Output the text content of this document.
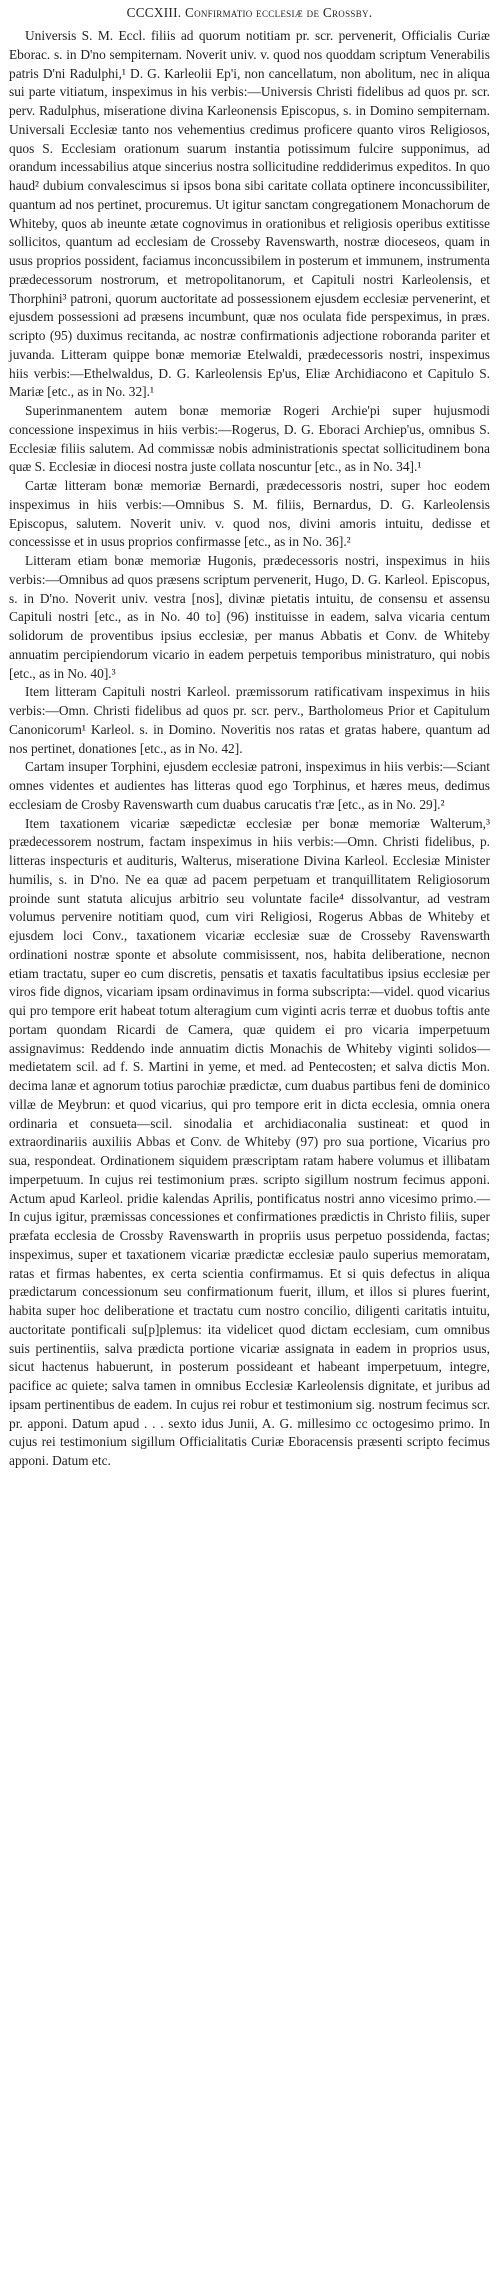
CCCXIII. Confirmatio ecclesiæ de Crossby.

Universis S. M. Eccl. filiis ad quorum notitiam pr. scr. pervenerit, Officialis Curiæ Eborac. s. in D'no sempiternam. Noverit univ. v. quod nos quoddam scriptum Venerabilis patris D'ni Radulphi,¹ D. G. Karleolii Ep'i, non cancellatum, non abolitum, nec in aliqua sui parte vitiatum, inspeximus in his verbis:—Universis Christi fidelibus ad quos pr. scr. perv. Radulphus, miseratione divina Karleonensis Episcopus, s. in Domino sempiternam. Universali Ecclesiæ tanto nos vehementius credimus proficere quanto viros Religiosos, quos S. Ecclesiam orationum suarum instantia potissimum fulcire supponimus, ad orandum incessabilius atque sincerius nostra sollicitudine reddiderimus expeditos. In quo haud² dubium convalescimus si ipsos bona sibi caritate collata optinere inconcussibiliter, quantum ad nos pertinet, procuremus. Ut igitur sanctam congregationem Monachorum de Whiteby, quos ab ineunte ætate cognovimus in orationibus et religiosis operibus extitisse sollicitos, quantum ad ecclesiam de Crosseby Ravenswarth, nostræ dioceseos, quam in usus proprios possident, faciamus inconcussibilem in posterum et immunem, instrumenta prædecessorum nostrorum, et metropolitanorum, et Capituli nostri Karleolensis, et Thorphini³ patroni, quorum auctoritate ad possessionem ejusdem ecclesiæ pervenerint, et ejusdem possessioni ad præsens incumbunt, quæ nos oculata fide perspeximus, in præs. scripto (95) duximus recitanda, ac nostræ confirmationis adjectione roboranda pariter et juvanda. Litteram quippe bonæ memoriæ Etelwaldi, prædecessoris nostri, inspeximus hiis verbis:—Ethelwaldus, D. G. Karleolensis Ep'us, Eliæ Archidiacono et Capitulo S. Mariæ [etc., as in No. 32].¹

Superinmanentem autem bonæ memoriæ Rogeri Archie'pi super hujusmodi concessione inspeximus in hiis verbis:—Rogerus, D. G. Eboraci Archiep'us, omnibus S. Ecclesiæ filiis salutem. Ad commissæ nobis administrationis spectat sollicitudinem bona quæ S. Ecclesiæ in diocesi nostra juste collata noscuntur [etc., as in No. 34].¹

Cartæ litteram bonæ memoriæ Bernardi, prædecessoris nostri, super hoc eodem inspeximus in hiis verbis:—Omnibus S. M. filiis, Bernardus, D. G. Karleolensis Episcopus, salutem. Noverit univ. v. quod nos, divini amoris intuitu, dedisse et concessisse et in usus proprios confirmasse [etc., as in No. 36].²

Litteram etiam bonæ memoriæ Hugonis, prædecessoris nostri, inspeximus in hiis verbis:—Omnibus ad quos præsens scriptum pervenerit, Hugo, D. G. Karleol. Episcopus, s. in D'no. Noverit univ. vestra [nos], divinæ pietatis intuitu, de consensu et assensu Capituli nostri [etc., as in No. 40 to] (96) instituisse in eadem, salva vicaria centum solidorum de proventibus ipsius ecclesiæ, per manus Abbatis et Conv. de Whiteby annuatim percipiendorum vicario in eadem perpetuis temporibus ministraturo, qui nobis [etc., as in No. 40].³

Item litteram Capituli nostri Karleol. præmissorum ratificativam inspeximus in hiis verbis:—Omn. Christi fidelibus ad quos pr. scr. perv., Bartholomeus Prior et Capitulum Canonicorum¹ Karleol. s. in Domino. Noveritis nos ratas et gratas habere, quantum ad nos pertinet, donationes [etc., as in No. 42].

Cartam insuper Torphini, ejusdem ecclesiæ patroni, inspeximus in hiis verbis:—Sciant omnes videntes et audientes has litteras quod ego Torphinus, et hæres meus, dedimus ecclesiam de Crosby Ravenswarth cum duabus carucatis t'ræ [etc., as in No. 29].²

Item taxationem vicariæ sæpedictæ ecclesiæ per bonæ memoriæ Walterum,³ prædecessorem nostrum, factam inspeximus in hiis verbis:—Omn. Christi fidelibus, p. litteras inspecturis et audituris, Walterus, miseratione Divina Karleol. Ecclesiæ Minister humilis, s. in D'no. Ne ea quæ ad pacem perpetuam et tranquillitatem Religiosorum proinde sunt statuta alicujus arbitrio seu voluntate facile⁴ dissolvantur, ad vestram volumus pervenire notitiam quod, cum viri Religiosi, Rogerus Abbas de Whiteby et ejusdem loci Conv., taxationem vicariæ ecclesiæ suæ de Crosseby Ravenswarth ordinationi nostræ sponte et absolute commisissent, nos, habita deliberatione, necnon etiam tractatu, super eo cum discretis, pensatis et taxatis facultatibus ipsius ecclesiæ per viros fide dignos, vicariam ipsam ordinavimus in forma subscripta:—videl. quod vicarius qui pro tempore erit habeat totum alteragium cum viginti acris terræ et duobus toftis ante portam quondam Ricardi de Camera, quæ quidem ei pro vicaria imperpetuum assignavimus: Reddendo inde annuatim dictis Monachis de Whiteby viginti solidos—medietatem scil. ad f. S. Martini in yeme, et med. ad Pentecosten; et salva dictis Mon. decima lanæ et agnorum totius parochiæ prædictæ, cum duabus partibus feni de dominico villæ de Meybrun: et quod vicarius, qui pro tempore erit in dicta ecclesia, omnia onera ordinaria et consueta—scil. sinodalia et archidiaconalia sustineat: et quod in extraordinariis auxiliis Abbas et Conv. de Whiteby (97) pro sua portione, Vicarius pro sua, respondeat. Ordinationem siquidem præscriptam ratam habere volumus et illibatam imperpetuum. In cujus rei testimonium præs. scripto sigillum nostrum fecimus apponi. Actum apud Karleol. pridie kalendas Aprilis, pontificatus nostri anno vicesimo primo.—In cujus igitur, præmissas concessiones et confirmationes prædictis in Christo filiis, super præfata ecclesia de Crossby Ravenswarth in propriis usus perpetuo possidenda, factas; inspeximus, super et taxationem vicariæ prædictæ ecclesiæ paulo superius memoratam, ratas et firmas habentes, ex certa scientia confirmamus. Et si quis defectus in aliqua prædictarum concessionum seu confirmationum fuerit, illum, et illos si plures fuerint, habita super hoc deliberatione et tractatu cum nostro concilio, diligenti caritatis intuitu, auctoritate pontificali su[p]plemus: ita videlicet quod dictam ecclesiam, cum omnibus suis pertinentiis, salva prædicta portione vicariæ assignata in eadem in proprios usus, sicut hactenus habuerunt, in posterum possideant et habeant imperpetuum, integre, pacifice ac quiete; salva tamen in omnibus Ecclesiæ Karleolensis dignitate, et juribus ad ipsam pertinentibus de eadem. In cujus rei robur et testimonium sig. nostrum fecimus scr. pr. apponi. Datum apud . . . sexto idus Junii, A. G. millesimo cc octogesimo primo. In cujus rei testimonium sigillum Officialitatis Curiæ Eboracensis præsenti scripto fecimus apponi. Datum etc.
